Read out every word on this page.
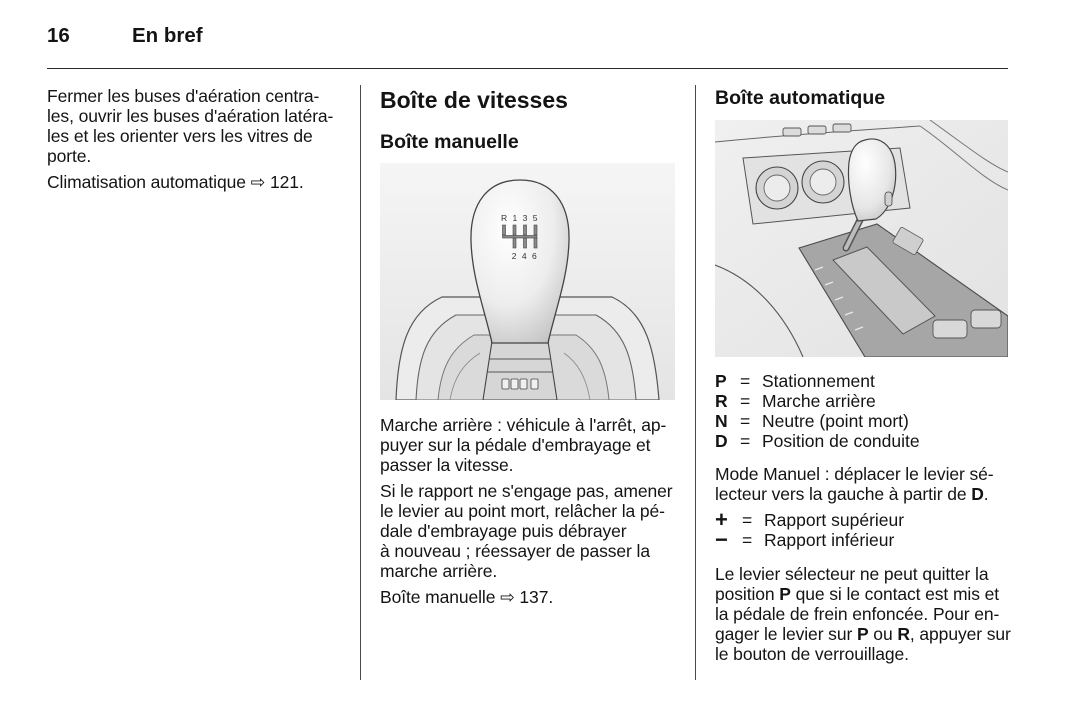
16	En bref
Fermer les buses d'aération centra-
les, ouvrir les buses d'aération latéra-
les et les orienter vers les vitres de
porte.
Climatisation automatique ⇨ 121.
Boîte de vitesses
Boîte manuelle
R 1 3 5
2 4 6
Marche arrière : véhicule à l'arrêt, ap-
puyer sur la pédale d'embrayage et
passer la vitesse.
Si le rapport ne s'engage pas, amener
le levier au point mort, relâcher la pé-
dale d'embrayage puis débrayer
à nouveau ; réessayer de passer la
marche arrière.
Boîte manuelle ⇨ 137.
Boîte automatique
P = Stationnement
R = Marche arrière
N = Neutre (point mort)
D = Position de conduite
Mode Manuel : déplacer le levier sé-
lecteur vers la gauche à partir de D.
+ = Rapport supérieur
− = Rapport inférieur
Le levier sélecteur ne peut quitter la
position P que si le contact est mis et
la pédale de frein enfoncée. Pour en-
gager le levier sur P ou R, appuyer sur
le bouton de verrouillage.
